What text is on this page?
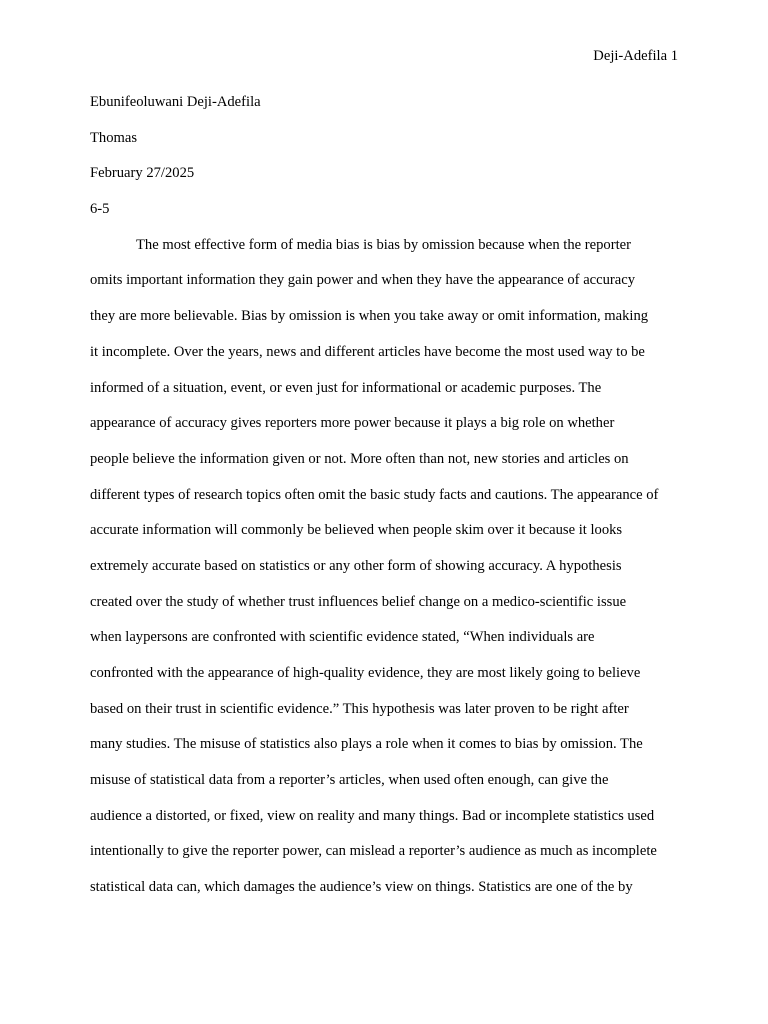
Deji-Adefila 1
Ebunifeoluwani Deji-Adefila
Thomas
February 27/2025
6-5
The most effective form of media bias is bias by omission because when the reporter
omits important information they gain power and when they have the appearance of accuracy
they are more believable. Bias by omission is when you take away or omit information, making
it incomplete. Over the years, news and different articles have become the most used way to be
informed of a situation, event, or even just for informational or academic purposes. The
appearance of accuracy gives reporters more power because it plays a big role on whether
people believe the information given or not. More often than not, new stories and articles on
different types of research topics often omit the basic study facts and cautions. The appearance of
accurate information will commonly be believed when people skim over it because it looks
extremely accurate based on statistics or any other form of showing accuracy. A hypothesis
created over the study of whether trust influences belief change on a medico-scientific issue
when laypersons are confronted with scientific evidence stated, “When individuals are
confronted with the appearance of high-quality evidence, they are most likely going to believe
based on their trust in scientific evidence.” This hypothesis was later proven to be right after
many studies. The misuse of statistics also plays a role when it comes to bias by omission. The
misuse of statistical data from a reporter’s articles, when used often enough, can give the
audience a distorted, or fixed, view on reality and many things. Bad or incomplete statistics used
intentionally to give the reporter power, can mislead a reporter’s audience as much as incomplete
statistical data can, which damages the audience’s view on things. Statistics are one of the by
